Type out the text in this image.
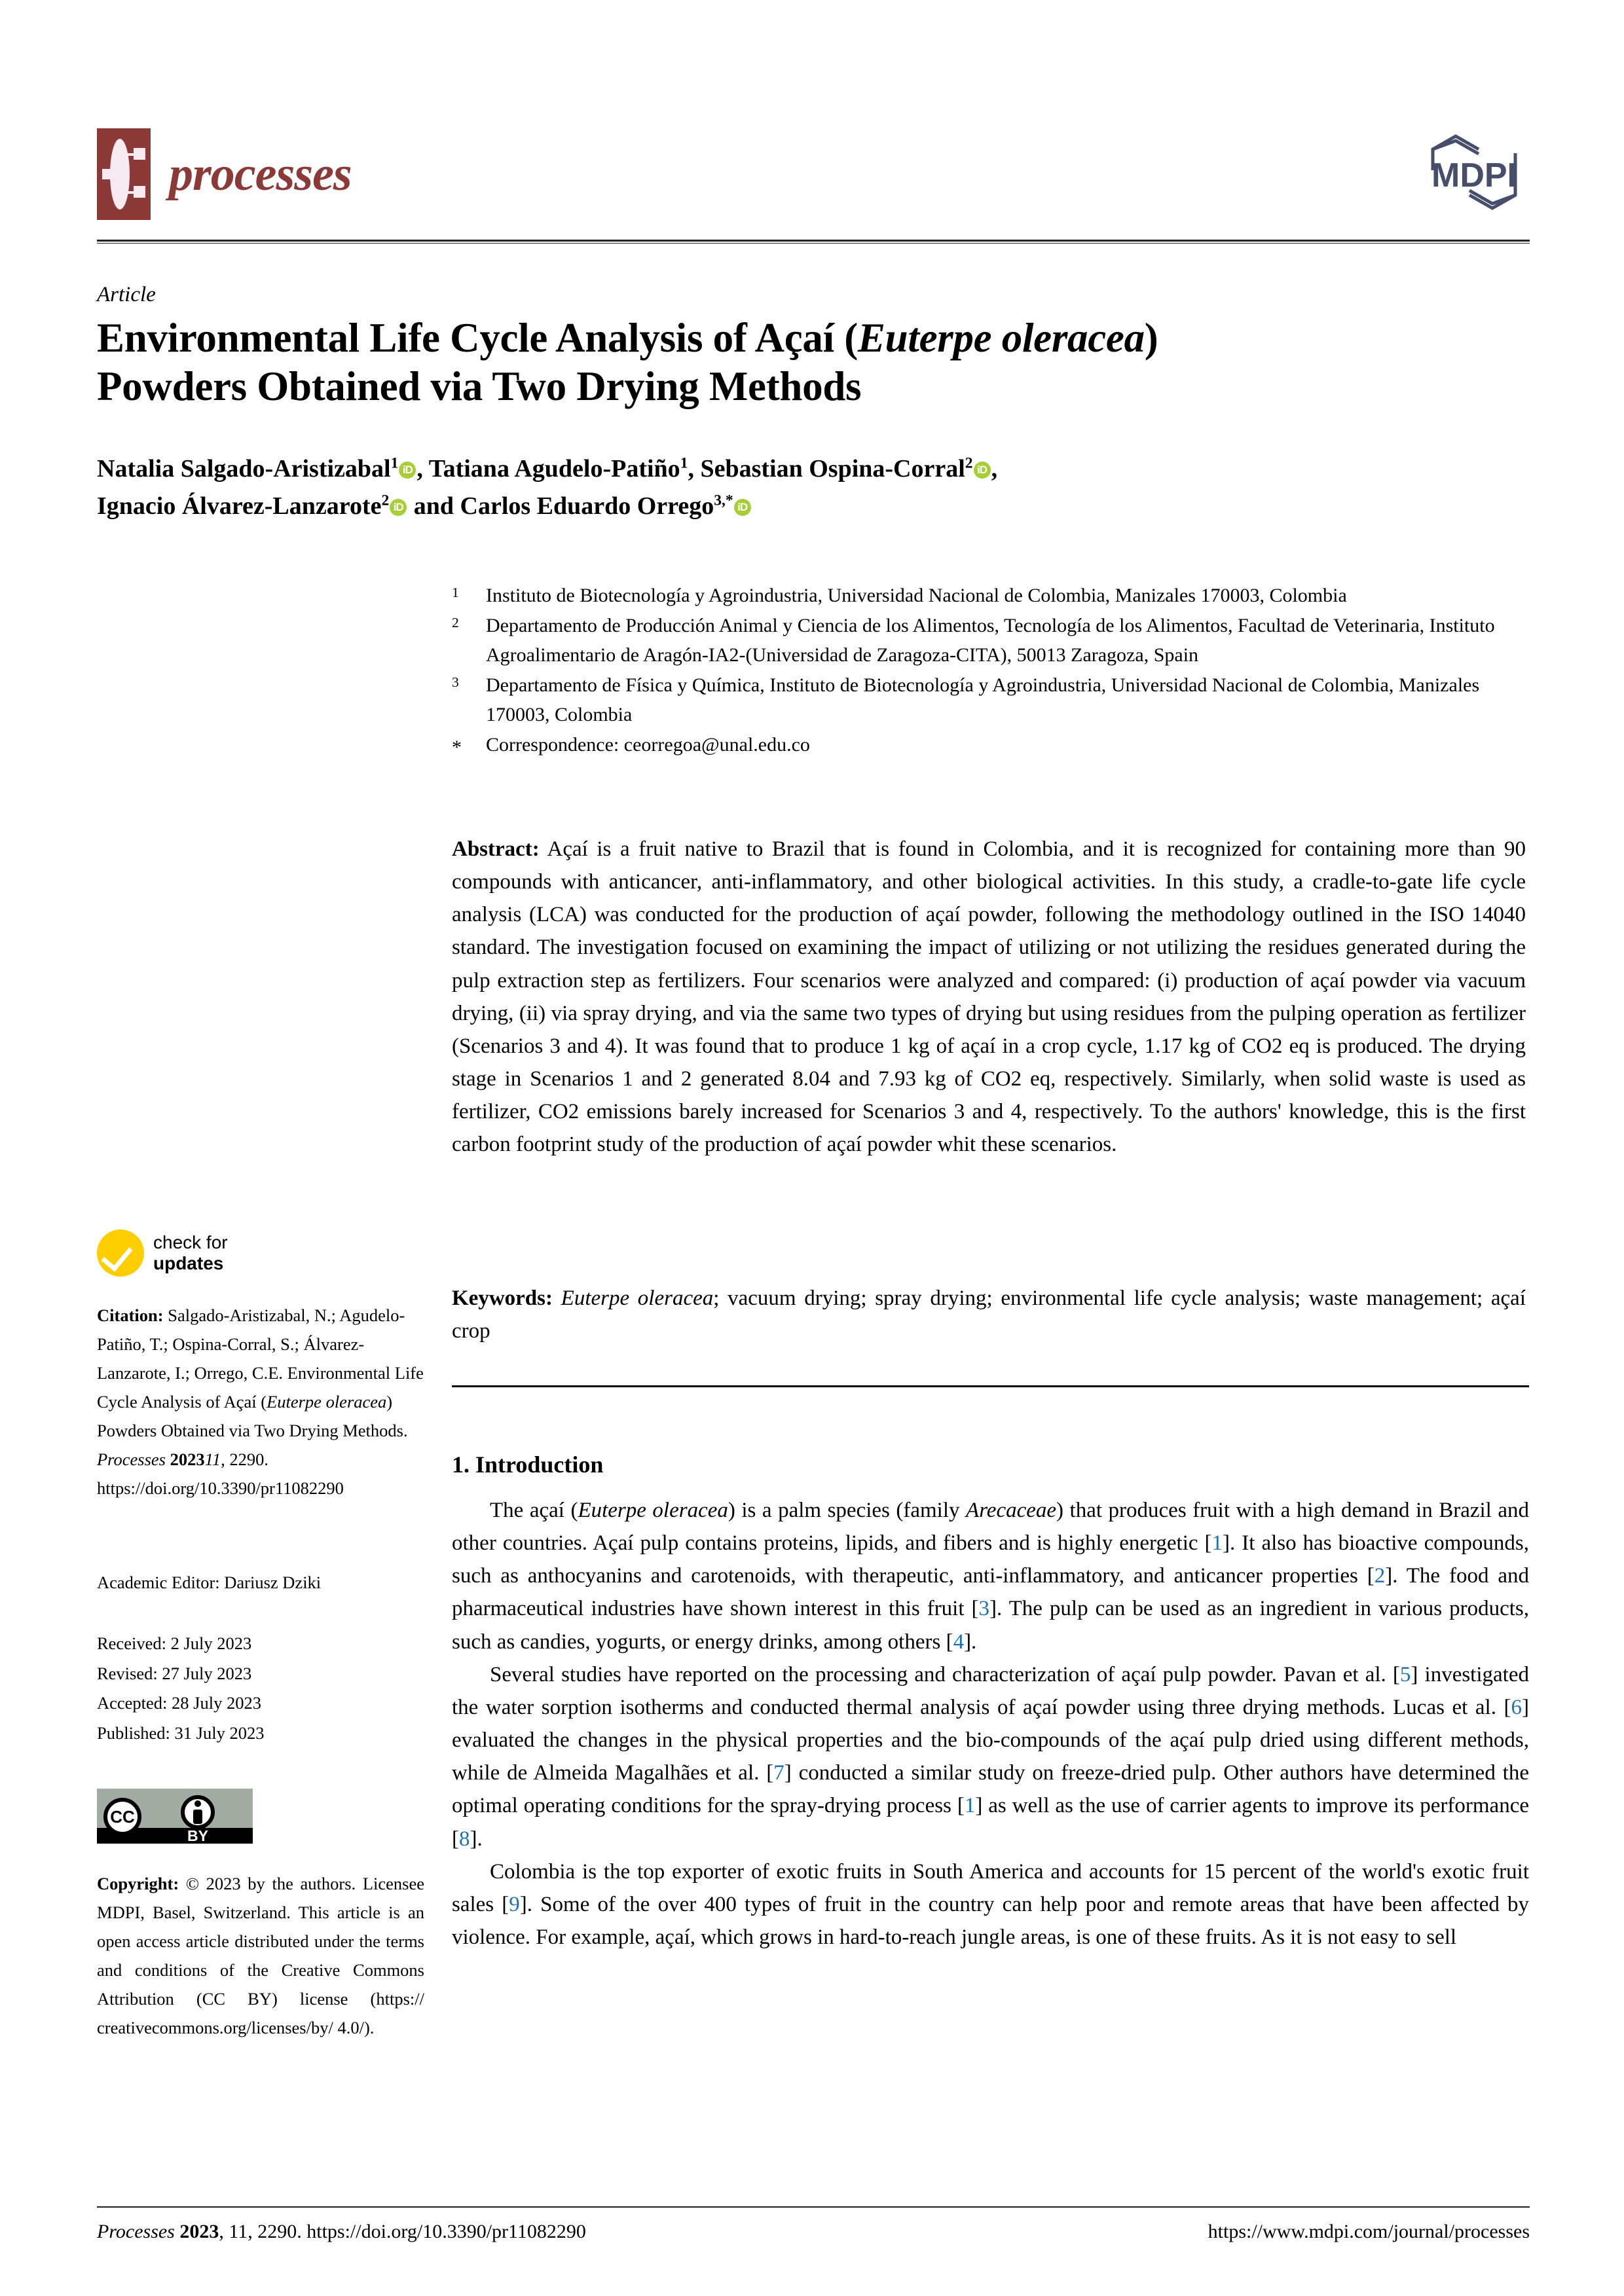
processes	MDPI
Article
Environmental Life Cycle Analysis of Açaí (Euterpe oleracea)
Powders Obtained via Two Drying Methods
Natalia Salgado-Aristizabal$^1$ iD , Tatiana Agudelo-Patiño$^1$, Sebastian Ospina-Corral$^2$ iD ,
Ignacio Álvarez-Lanzarote$^2$ iD and Carlos Eduardo Orrego$^{3,*}$ iD
1	Instituto de Biotecnología y Agroindustria, Universidad Nacional de Colombia, Manizales 170003, Colombia
2	Departamento de Producción Animal y Ciencia de los Alimentos, Tecnología de los Alimentos, Facultad de Veterinaria, Instituto Agroalimentario de Aragón-IA2-(Universidad de Zaragoza-CITA), 50013 Zaragoza, Spain
3	Departamento de Física y Química, Instituto de Biotecnología y Agroindustria, Universidad Nacional de Colombia, Manizales 170003, Colombia
*	Correspondence: ceorregoa@unal.edu.co
Abstract: Açaí is a fruit native to Brazil that is found in Colombia, and it is recognized for containing more than 90 compounds with anticancer, anti-inflammatory, and other biological activities. In this study, a cradle-to-gate life cycle analysis (LCA) was conducted for the production of açaí powder, following the methodology outlined in the ISO 14040 standard. The investigation focused on examining the impact of utilizing or not utilizing the residues generated during the pulp extraction step as fertilizers. Four scenarios were analyzed and compared: (i) production of açaí powder via vacuum drying, (ii) via spray drying, and via the same two types of drying but using residues from the pulping operation as fertilizer (Scenarios 3 and 4). It was found that to produce 1 kg of açaí in a crop cycle, 1.17 kg of CO2 eq is produced. The drying stage in Scenarios 1 and 2 generated 8.04 and 7.93 kg of CO2 eq, respectively. Similarly, when solid waste is used as fertilizer, CO2 emissions barely increased for Scenarios 3 and 4, respectively. To the authors' knowledge, this is the first carbon footprint study of the production of açaí powder whit these scenarios.
Keywords: Euterpe oleracea; vacuum drying; spray drying; environmental life cycle analysis; waste management; açaí crop
1. Introduction

The açaí (Euterpe oleracea) is a palm species (family Arecaceae) that produces fruit with a high demand in Brazil and other countries. Açaí pulp contains proteins, lipids, and fibers and is highly energetic [1]. It also has bioactive compounds, such as anthocyanins and carotenoids, with therapeutic, anti-inflammatory, and anticancer properties [2]. The food and pharmaceutical industries have shown interest in this fruit [3]. The pulp can be used as an ingredient in various products, such as candies, yogurts, or energy drinks, among others [4].

Several studies have reported on the processing and characterization of açaí pulp powder. Pavan et al. [5] investigated the water sorption isotherms and conducted thermal analysis of açaí powder using three drying methods. Lucas et al. [6] evaluated the changes in the physical properties and the bio-compounds of the açaí pulp dried using different methods, while de Almeida Magalhães et al. [7] conducted a similar study on freeze-dried pulp. Other authors have determined the optimal operating conditions for the spray-drying process [1] as well as the use of carrier agents to improve its performance [8].

Colombia is the top exporter of exotic fruits in South America and accounts for 15 percent of the world's exotic fruit sales [9]. Some of the over 400 types of fruit in the country can help poor and remote areas that have been affected by violence. For example, açaí, which grows in hard-to-reach jungle areas, is one of these fruits. As it is not easy to sell

check for
updates
Citation: Salgado-Aristizabal, N.; Agudelo-Patiño, T.; Ospina-Corral, S.; Álvarez-Lanzarote, I.; Orrego, C.E. Environmental Life Cycle Analysis of Açaí (Euterpe oleracea) Powders Obtained via Two Drying Methods. Processes 202311, 2290. https://doi.org/10.3390/pr11082290
Academic Editor: Dariusz Dziki
Received: 2 July 2023
Revised: 27 July 2023
Accepted: 28 July 2023
Published: 31 July 2023
CC
BY
Copyright: © 2023 by the authors. Licensee MDPI, Basel, Switzerland. This article is an open access article distributed under the terms and conditions of the Creative Commons Attribution (CC BY) license (https:// creativecommons.org/licenses/by/ 4.0/).
Processes 2023, 11, 2290. https://doi.org/10.3390/pr11082290	https://www.mdpi.com/journal/processes
